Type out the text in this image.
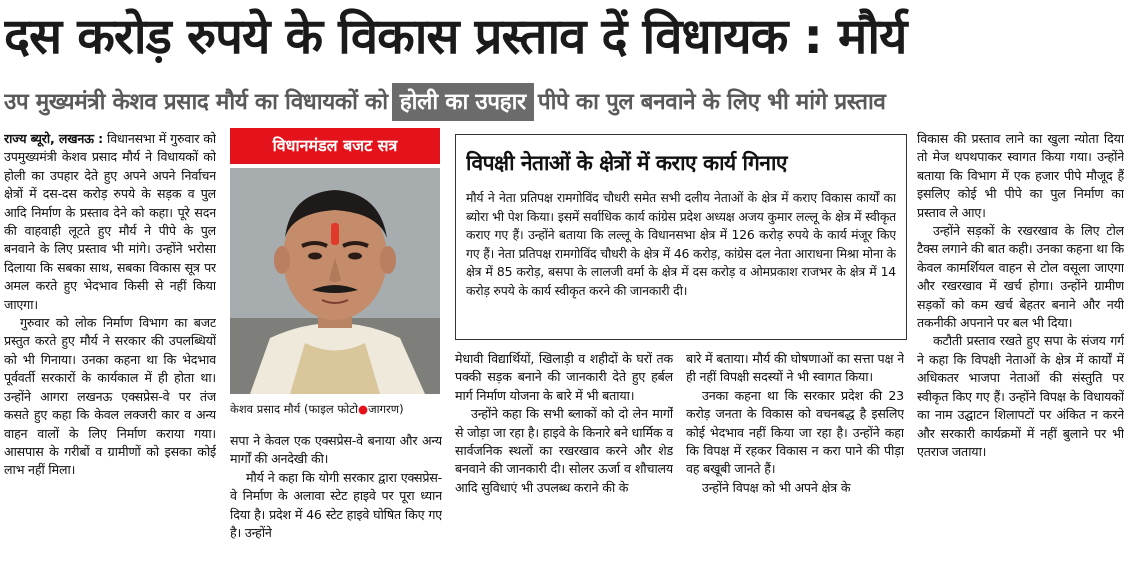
दस करोड़ रुपये के विकास प्रस्ताव दें विधायक : मौर्य
उप मुख्यमंत्री केशव प्रसाद मौर्य का विधायकों को होली का उपहार पीपे का पुल बनवाने के लिए भी मांगे प्रस्ताव

राज्य ब्यूरो, लखनऊ : विधानसभा में गुरुवार को उपमुख्यमंत्री केशव प्रसाद मौर्य ने विधायकों को होली का उपहार देते हुए अपने अपने निर्वाचन क्षेत्रों में दस-दस करोड़ रुपये के सड़क व पुल आदि निर्माण के प्रस्ताव देने को कहा। पूरे सदन की वाहवाही लूटते हुए मौर्य ने पीपे के पुल बनवाने के लिए प्रस्ताव भी मांगे। उन्होंने भरोसा दिलाया कि सबका साथ, सबका विकास सूत्र पर अमल करते हुए भेदभाव किसी से नहीं किया जाएगा।

गुरुवार को लोक निर्माण विभाग का बजट प्रस्तुत करते हुए मौर्य ने सरकार की उपलब्धियों को भी गिनाया। उनका कहना था कि भेदभाव पूर्ववर्ती सरकारों के कार्यकाल में ही होता था। उन्होंने आगरा लखनऊ एक्सप्रेस-वे पर तंज कसते हुए कहा कि केवल लक्जरी कार व अन्य वाहन वालों के लिए निर्माण कराया गया। आसपास के गरीबों व ग्रामीणों को इसका कोई लाभ नहीं मिला।

विधानमंडल बजट सत्र
केशव प्रसाद मौर्य (फाइल फोटो●जागरण)

सपा ने केवल एक एक्सप्रेस-वे बनाया और अन्य मार्गों की अनदेखी की।

मौर्य ने कहा कि योगी सरकार द्वारा एक्सप्रेस-वे निर्माण के अलावा स्टेट हाइवे पर पूरा ध्यान दिया है। प्रदेश में 46 स्टेट हाइवे घोषित किए गए है। उन्होंने

विपक्षी नेताओं के क्षेत्रों में कराए कार्य गिनाए

मौर्य ने नेता प्रतिपक्ष रामगोविंद चौधरी समेत सभी दलीय नेताओं के क्षेत्र में कराए विकास कार्यों का ब्योरा भी पेश किया। इसमें सर्वाधिक कार्य कांग्रेस प्रदेश अध्यक्ष अजय कुमार लल्लू के क्षेत्र में स्वीकृत कराए गए हैं। उन्होंने बताया कि लल्लू के विधानसभा क्षेत्र में 126 करोड़ रुपये के कार्य मंजूर किए गए हैं। नेता प्रतिपक्ष रामगोविंद चौधरी के क्षेत्र में 46 करोड़, कांग्रेस दल नेता आराधना मिश्रा मोना के क्षेत्र में 85 करोड़, बसपा के लालजी वर्मा के क्षेत्र में दस करोड़ व ओमप्रकाश राजभर के क्षेत्र में 14 करोड़ रुपये के कार्य स्वीकृत करने की जानकारी दी।

मेधावी विद्यार्थियों, खिलाड़ी व शहीदों के घरों तक पक्की सड़क बनाने की जानकारी देते हुए हर्बल मार्ग निर्माण योजना के बारे में भी बताया।

उन्होंने कहा कि सभी ब्लाकों को दो लेन मार्गों से जोड़ा जा रहा है। हाइवे के किनारे बने धार्मिक व सार्वजनिक स्थलों का रखरखाव करने और शेड बनवाने की जानकारी दी। सोलर ऊर्जा व शौचालय आदि सुविधाएं भी उपलब्ध कराने की के

बारे में बताया। मौर्य की घोषणाओं का सत्ता पक्ष ने ही नहीं विपक्षी सदस्यों ने भी स्वागत किया।

उनका कहना था कि सरकार प्रदेश की 23 करोड़ जनता के विकास को वचनबद्ध है इसलिए कोई भेदभाव नहीं किया जा रहा है। उन्होंने कहा कि विपक्ष में रहकर विकास न करा पाने की पीड़ा वह बखूबी जानते हैं।

उन्होंने विपक्ष को भी अपने क्षेत्र के

विकास की प्रस्ताव लाने का खुला न्योता दिया तो मेज थपथपाकर स्वागत किया गया। उन्होंने बताया कि विभाग में एक हजार पीपे मौजूद हैं इसलिए कोई भी पीपे का पुल निर्माण का प्रस्ताव ले आए।

उन्होंने सड़कों के रखरखाव के लिए टोल टैक्स लगाने की बात कही। उनका कहना था कि केवल कामर्शियल वाहन से टोल वसूला जाएगा और रखरखाव में खर्च होगा। उन्होंने ग्रामीण सड़कों को कम खर्च बेहतर बनाने और नयी तकनीकी अपनाने पर बल भी दिया।

कटौती प्रस्ताव रखते हुए सपा के संजय गर्ग ने कहा कि विपक्षी नेताओं के क्षेत्र में कार्यों में अधिकतर भाजपा नेताओं की संस्तुति पर स्वीकृत किए गए हैं। उन्होंने विपक्ष के विधायकों का नाम उद्घाटन शिलापटों पर अंकित न करने और सरकारी कार्यक्रमों में नहीं बुलाने पर भी एतराज जताया।
